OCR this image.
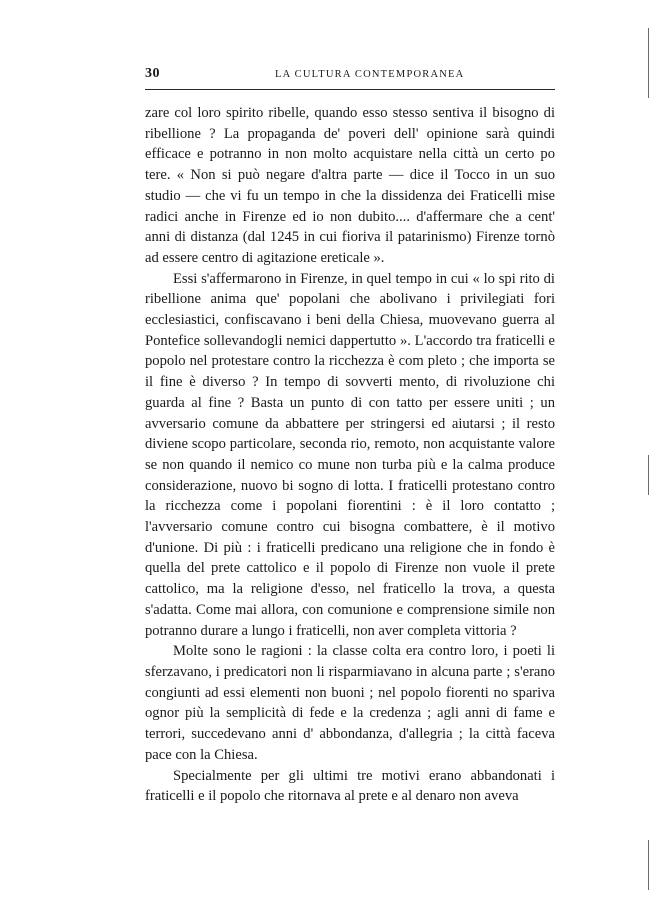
30	LA CULTURA CONTEMPORANEA

zare col loro spirito ribelle, quando esso stesso sentiva il bisogno di ribellione ? La propaganda de' poveri dell' opinione sarà quindi efficace e potranno in non molto acquistare nella città un certo po tere. « Non si può negare d'altra parte — dice il Tocco in un suo studio — che vi fu un tempo in che la dissidenza dei Fraticelli mise radici anche in Firenze ed io non dubito.... d'affermare che a cent' anni di distanza (dal 1245 in cui fioriva il patarinismo) Firenze tornò ad essere centro di agitazione ereticale ».

Essi s'affermarono in Firenze, in quel tempo in cui « lo spi rito di ribellione anima que' popolani che abolivano i privilegiati fori ecclesiastici, confiscavano i beni della Chiesa, muovevano guerra al Pontefice sollevandogli nemici dappertutto ». L'accordo tra fraticelli e popolo nel protestare contro la ricchezza è com pleto ; che importa se il fine è diverso ? In tempo di sovverti mento, di rivoluzione chi guarda al fine ? Basta un punto di con tatto per essere uniti ; un avversario comune da abbattere per stringersi ed aiutarsi ; il resto diviene scopo particolare, seconda rio, remoto, non acquistante valore se non quando il nemico co mune non turba più e la calma produce considerazione, nuovo bi sogno di lotta. I fraticelli protestano contro la ricchezza come i popolani fiorentini : è il loro contatto ; l'avversario comune contro cui bisogna combattere, è il motivo d'unione. Di più : i fraticelli predicano una religione che in fondo è quella del prete cattolico e il popolo di Firenze non vuole il prete cattolico, ma la religione d'esso, nel fraticello la trova, a questa s'adatta. Come mai allora, con comunione e comprensione simile non potranno durare a lungo i fraticelli, non aver completa vittoria ?

Molte sono le ragioni : la classe colta era contro loro, i poeti li sferzavano, i predicatori non li risparmiavano in alcuna parte ; s'erano congiunti ad essi elementi non buoni ; nel popolo fiorenti no spariva ognor più la semplicità di fede e la credenza ; agli anni di fame e terrori, succedevano anni d' abbondanza, d'allegria ; la città faceva pace con la Chiesa.

Specialmente per gli ultimi tre motivi erano abbandonati i fraticelli e il popolo che ritornava al prete e al denaro non aveva
